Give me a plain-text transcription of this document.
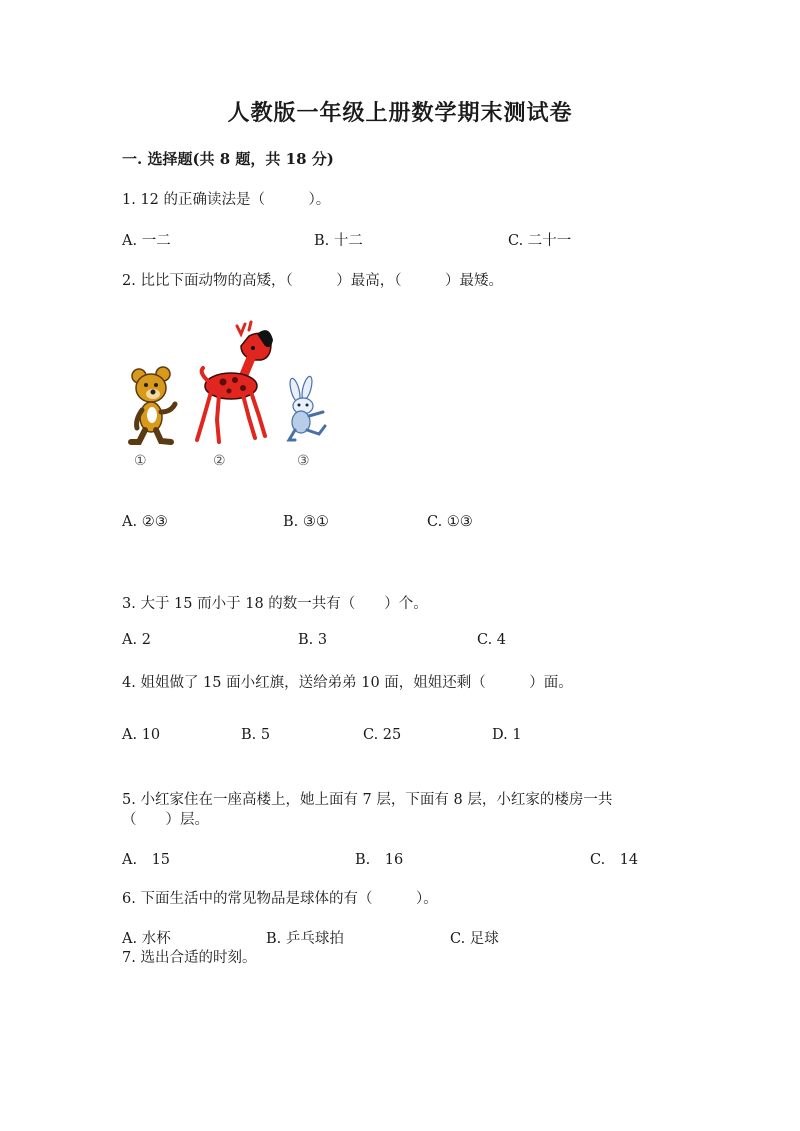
人教版一年级上册数学期末测试卷
一. 选择题(共 8 题，共 18 分)
1. 12 的正确读法是（　　　）。
A. 一二	B. 十二	C. 二十一
2. 比比下面动物的高矮，（　　　）最高，（　　　）最矮。
①	②	③
A. ②③	B. ③①	C. ①③
3. 大于 15 而小于 18 的数一共有（　　）个。
A. 2	B. 3	C. 4
4. 姐姐做了 15 面小红旗，送给弟弟 10 面，姐姐还剩（　　　）面。
A. 10	B. 5	C. 25	D. 1
5. 小红家住在一座高楼上，她上面有 7 层，下面有 8 层，小红家的楼房一共
（　　）层。
A.　15	B.　16	C.　14
6. 下面生活中的常见物品是球体的有（　　　）。
A. 水杯	B. 乒乓球拍	C. 足球
7. 选出合适的时刻。
